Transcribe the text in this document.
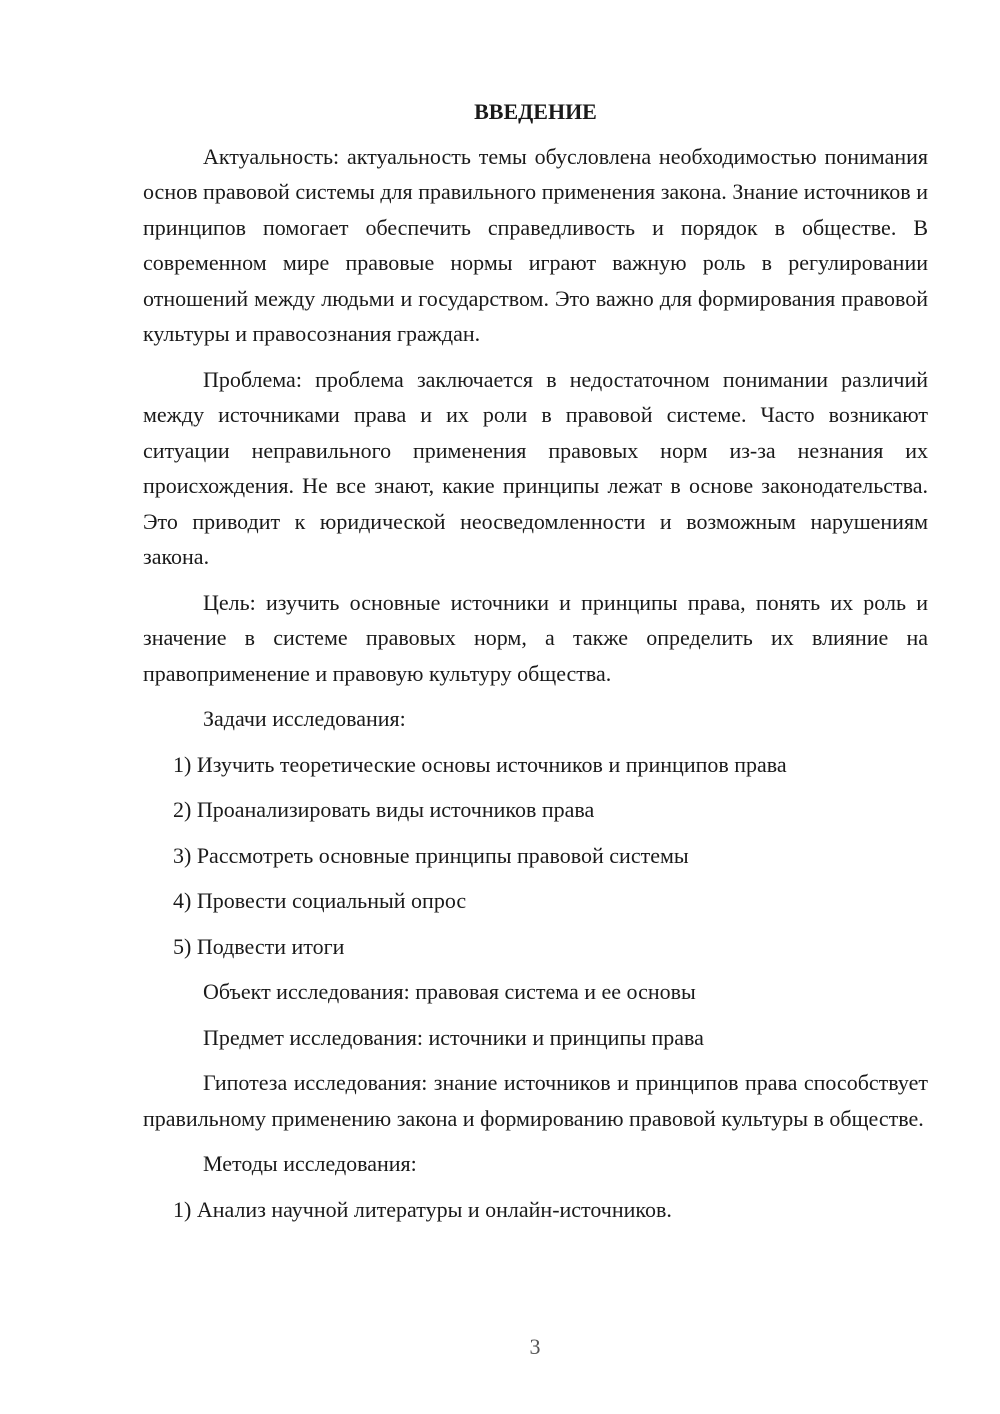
ВВЕДЕНИЕ

Актуальность: актуальность темы обусловлена необходимостью понимания основ правовой системы для правильного применения закона. Знание источников и принципов помогает обеспечить справедливость и порядок в обществе. В современном мире правовые нормы играют важную роль в регулировании отношений между людьми и государством. Это важно для формирования правовой культуры и правосознания граждан.

Проблема: проблема заключается в недостаточном понимании различий между источниками права и их роли в правовой системе. Часто возникают ситуации неправильного применения правовых норм из-за незнания их происхождения. Не все знают, какие принципы лежат в основе законодательства. Это приводит к юридической неосведомленности и возможным нарушениям закона.

Цель: изучить основные источники и принципы права, понять их роль и значение в системе правовых норм, а также определить их влияние на правоприменение и правовую культуру общества.

Задачи исследования:

1) Изучить теоретические основы источников и принципов права

2) Проанализировать виды источников права

3) Рассмотреть основные принципы правовой системы

4) Провести социальный опрос

5) Подвести итоги

Объект исследования: правовая система и ее основы

Предмет исследования: источники и принципы права

Гипотеза исследования: знание источников и принципов права способствует правильному применению закона и формированию правовой культуры в обществе.

Методы исследования:

1) Анализ научной литературы и онлайн-источников.

3
